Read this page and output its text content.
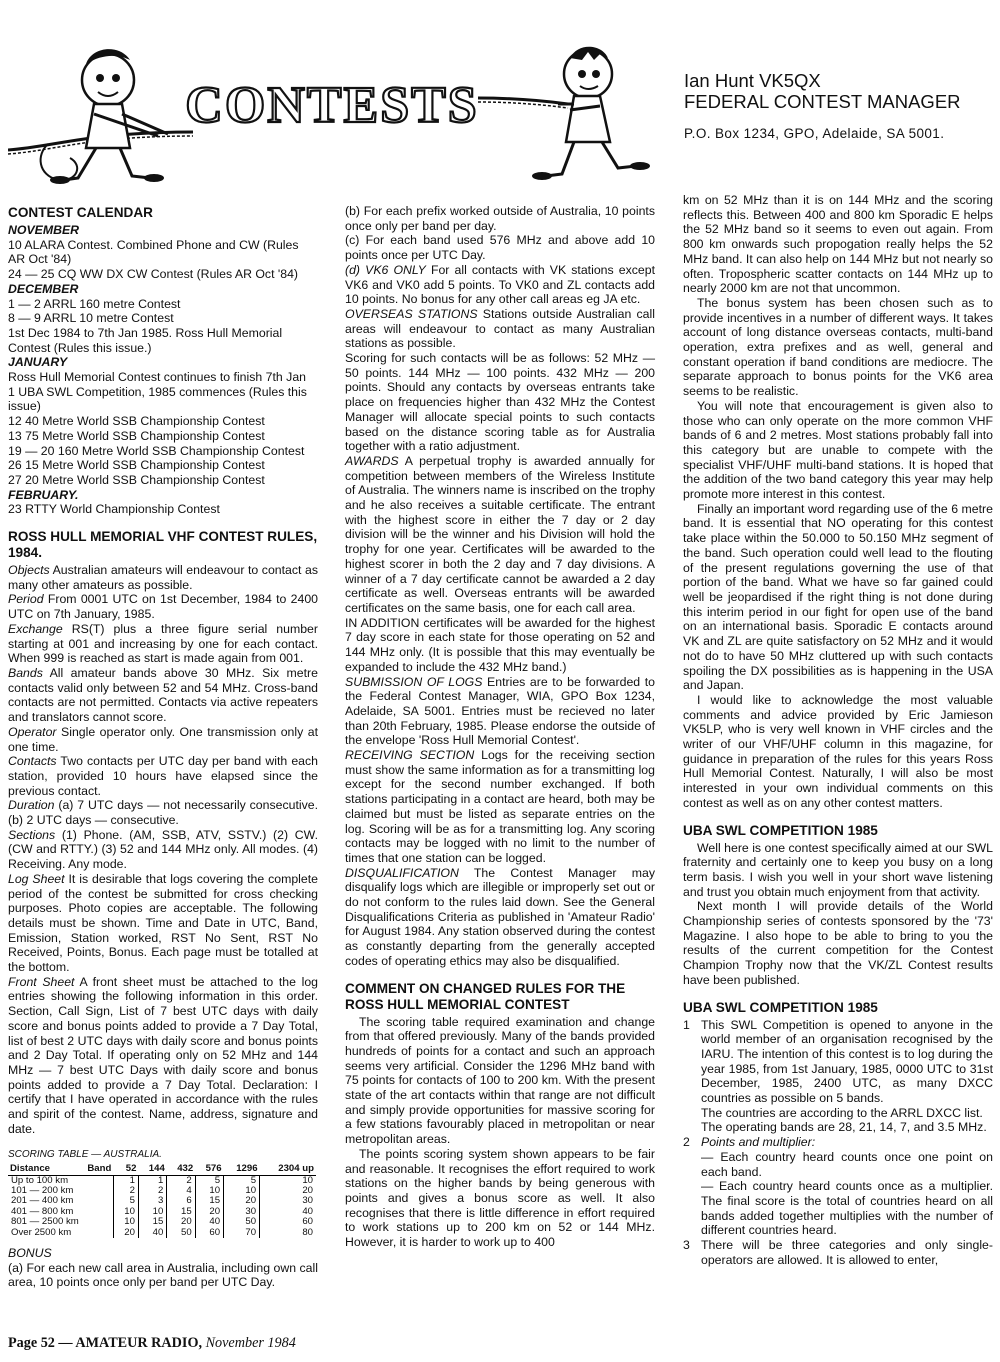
CONTESTS	Ian Hunt VK5QX
FEDERAL CONTEST MANAGER
P.O. Box 1234, GPO, Adelaide, SA 5001.
CONTEST CALENDAR
NOVEMBER
10 ALARA Contest. Combined Phone and CW (Rules AR Oct '84)
24 — 25 CQ WW DX CW Contest (Rules AR Oct '84)
DECEMBER
1 — 2 ARRL 160 metre Contest
8 — 9 ARRL 10 metre Contest
1st Dec 1984 to 7th Jan 1985. Ross Hull Memorial Contest (Rules this issue.)
JANUARY
Ross Hull Memorial Contest continues to finish 7th Jan
1 UBA SWL Competition, 1985 commences (Rules this issue)
12 40 Metre World SSB Championship Contest
13 75 Metre World SSB Championship Contest
19 — 20 160 Metre World SSB Championship Contest
26 15 Metre World SSB Championship Contest
27 20 Metre World SSB Championship Contest
FEBRUARY.
23 RTTY World Championship Contest
ROSS HULL MEMORIAL VHF CONTEST RULES, 1984.

Objects Australian amateurs will endeavour to contact as many other amateurs as possible.

Period From 0001 UTC on 1st December, 1984 to 2400 UTC on 7th January, 1985.

Exchange RS(T) plus a three figure serial number starting at 001 and increasing by one for each contact. When 999 is reached as start is made again from 001.

Bands All amateur bands above 30 MHz. Six metre contacts valid only between 52 and 54 MHz. Cross-band contacts are not permitted. Contacts via active repeaters and translators cannot score.

Operator Single operator only. One transmission only at one time.

Contacts Two contacts per UTC day per band with each station, provided 10 hours have elapsed since the previous contact.

Duration (a) 7 UTC days — not necessarily consecutive. (b) 2 UTC days — consecutive.

Sections (1) Phone. (AM, SSB, ATV, SSTV.) (2) CW. (CW and RTTY.) (3) 52 and 144 MHz only. All modes. (4) Receiving. Any mode.

Log Sheet It is desirable that logs covering the complete period of the contest be submitted for cross checking purposes. Photo copies are acceptable. The following details must be shown. Time and Date in UTC, Band, Emission, Station worked, RST No Sent, RST No Received, Points, Bonus. Each page must be totalled at the bottom.

Front Sheet A front sheet must be attached to the log entries showing the following information in this order. Section, Call Sign, List of 7 best UTC days with daily score and bonus points added to provide a 7 Day Total, list of best 2 UTC days with daily score and bonus points and 2 Day Total. If operating only on 52 MHz and 144 MHz — 7 best UTC Days with daily score and bonus points added to provide a 7 Day Total. Declaration: I certify that I have operated in accordance with the rules and spirit of the contest. Name, address, signature and date.

SCORING TABLE — AUSTRALIA.
Distance	Band	52	144	432	576	1296	2304 up
Up to 100 km		1	1	2	5	5	10
101 — 200 km		2	2	4	10	10	20
201 — 400 km		5	3	6	15	20	30
401 — 800 km		10	10	15	20	30	40
801 — 2500 km		10	15	20	40	50	60
Over 2500 km		20	40	50	60	70	80
BONUS

(a) For each new call area in Australia, including own call area, 10 points once only per band per UTC Day.

(b) For each prefix worked outside of Australia, 10 points once only per band per day.

(c) For each band used 576 MHz and above add 10 points once per UTC Day.

(d) VK6 ONLY For all contacts with VK stations except VK6 and VK0 add 5 points. To VK0 and ZL contacts add 10 points. No bonus for any other call areas eg JA etc.

OVERSEAS STATIONS Stations outside Australian call areas will endeavour to contact as many Australian stations as possible.

Scoring for such contacts will be as follows: 52 MHz — 50 points. 144 MHz — 100 points. 432 MHz — 200 points. Should any contacts by overseas entrants take place on frequencies higher than 432 MHz the Contest Manager will allocate special points to such contacts based on the distance scoring table as for Australia together with a ratio adjustment.

AWARDS A perpetual trophy is awarded annually for competition between members of the Wireless Institute of Australia. The winners name is inscribed on the trophy and he also receives a suitable certificate. The entrant with the highest score in either the 7 day or 2 day division will be the winner and his Division will hold the trophy for one year. Certificates will be awarded to the highest scorer in both the 2 day and 7 day divisions. A winner of a 7 day certificate cannot be awarded a 2 day certificate as well. Overseas entrants will be awarded certificates on the same basis, one for each call area.

IN ADDITION certificates will be awarded for the highest 7 day score in each state for those operating on 52 and 144 MHz only. (It is possible that this may eventually be expanded to include the 432 MHz band.)

SUBMISSION OF LOGS Entries are to be forwarded to the Federal Contest Manager, WIA, GPO Box 1234, Adelaide, SA 5001. Entries must be recieved no later than 20th February, 1985. Please endorse the outside of the envelope 'Ross Hull Memorial Contest'.

RECEIVING SECTION Logs for the receiving section must show the same information as for a transmitting log except for the second number exchanged. If both stations participating in a contact are heard, both may be claimed but must be listed as separate entries on the log. Scoring will be as for a transmitting log. Any scoring contacts may be logged with no limit to the number of times that one station can be logged.

DISQUALIFICATION The Contest Manager may disqualify logs which are illegible or improperly set out or do not conform to the rules laid down. See the General Disqualifications Criteria as published in 'Amateur Radio' for August 1984. Any station observed during the contest as constantly departing from the generally accepted codes of operating ethics may also be disqualified.

COMMENT ON CHANGED RULES FOR THE ROSS HULL MEMORIAL CONTEST

The scoring table required examination and change from that offered previously. Many of the bands provided hundreds of points for a contact and such an approach seems very artificial. Consider the 1296 MHz band with 75 points for contacts of 100 to 200 km. With the present state of the art contacts within that range are not difficult and simply provide opportunities for massive scoring for a few stations favourably placed in metropolitan or near metropolitan areas.

The points scoring system shown appears to be fair and reasonable. It recognises the effort required to work stations on the higher bands by being generous with points and gives a bonus score as well. It also recognises that there is little difference in effort required to work stations up to 200 km on 52 or 144 MHz. However, it is harder to work up to 400

km on 52 MHz than it is on 144 MHz and the scoring reflects this. Between 400 and 800 km Sporadic E helps the 52 MHz band so it seems to even out again. From 800 km onwards such propogation really helps the 52 MHz band. It can also help on 144 MHz but not nearly so often. Tropospheric scatter contacts on 144 MHz up to nearly 2000 km are not that uncommon.

The bonus system has been chosen such as to provide incentives in a number of different ways. It takes account of long distance overseas contacts, multi-band operation, extra prefixes and as well, general and constant operation if band conditions are mediocre. The separate approach to bonus points for the VK6 area seems to be realistic.

You will note that encouragement is given also to those who can only operate on the more common VHF bands of 6 and 2 metres. Most stations probably fall into this category but are unable to compete with the specialist VHF/UHF multi-band stations. It is hoped that the addition of the two band category this year may help promote more interest in this contest.

Finally an important word regarding use of the 6 metre band. It is essential that NO operating for this contest take place within the 50.000 to 50.150 MHz segment of the band. Such operation could well lead to the flouting of the present regulations governing the use of that portion of the band. What we have so far gained could well be jeopardised if the right thing is not done during this interim period in our fight for open use of the band on an international basis. Sporadic E contacts around VK and ZL are quite satisfactory on 52 MHz and it would not do to have 50 MHz cluttered up with such contacts spoiling the DX possibilities as is happening in the USA and Japan.

I would like to acknowledge the most valuable comments and advice provided by Eric Jamieson VK5LP, who is very well known in VHF circles and the writer of our VHF/UHF column in this magazine, for guidance in preparation of the rules for this years Ross Hull Memorial Contest. Naturally, I will also be most interested in your own individual comments on this contest as well as on any other contest matters.

UBA SWL COMPETITION 1985

Well here is one contest specifically aimed at our SWL fraternity and certainly one to keep you busy on a long term basis. I wish you well in your short wave listening and trust you obtain much enjoyment from that activity.

Next month I will provide details of the World Championship series of contests sponsored by the '73' Magazine. I also hope to be able to bring to you the results of the current competition for the Contest Champion Trophy now that the VK/ZL Contest results have been published.

UBA SWL COMPETITION 1985
1 This SWL Competition is opened to anyone in the world member of an organisation recognised by the IARU. The intention of this contest is to log during the year 1985, from 1st January, 1985, 0000 UTC to 31st December, 1985, 2400 UTC, as many DXCC countries as possible on 5 bands.
The countries are according to the ARRL DXCC list.
The operating bands are 28, 21, 14, 7, and 3.5 MHz.
2 Points and multiplier:
— Each country heard counts once one point on each band.
— Each country heard counts once as a multiplier. The final score is the total of countries heard on all bands added together multiplies with the number of different countries heard.
3 There will be three categories and only single-operators are allowed. It is allowed to enter,
Page 52 — AMATEUR RADIO, November 1984
